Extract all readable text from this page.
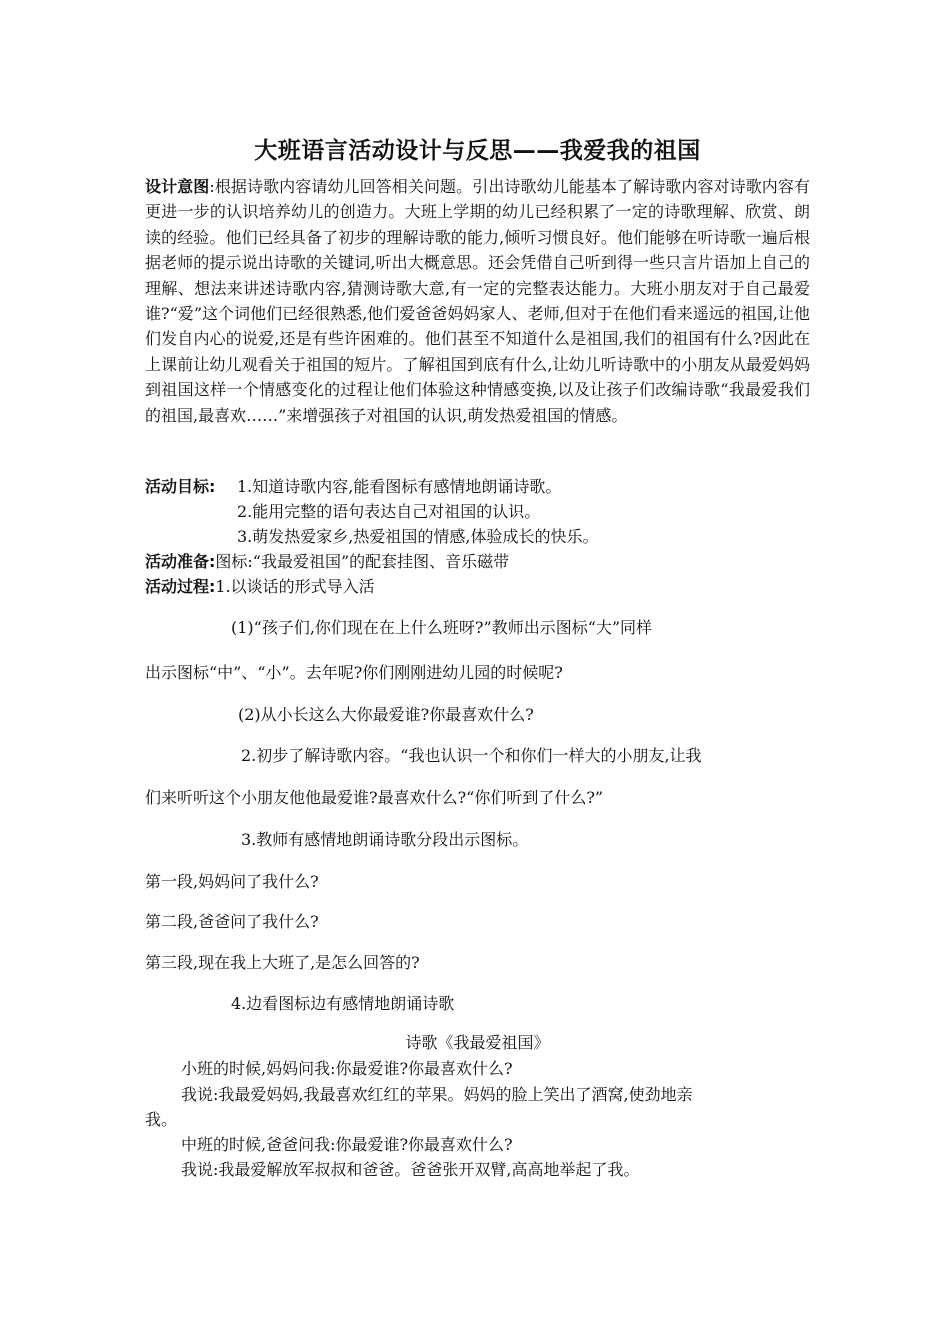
大班语言活动设计与反思——我爱我的祖国
设计意图:根据诗歌内容请幼儿回答相关问题。引出诗歌幼儿能基本了解诗歌内容对诗歌内容有更进一步的认识培养幼儿的创造力。大班上学期的幼儿已经积累了一定的诗歌理解、欣赏、朗读的经验。他们已经具备了初步的理解诗歌的能力,倾听习惯良好。他们能够在听诗歌一遍后根据老师的提示说出诗歌的关键词,听出大概意思。还会凭借自己听到得一些只言片语加上自己的理解、想法来讲述诗歌内容,猜测诗歌大意,有一定的完整表达能力。大班小朋友对于自己最爱谁?“爱”这个词他们已经很熟悉,他们爱爸爸妈妈家人、老师,但对于在他们看来遥远的祖国,让他们发自内心的说爱,还是有些许困难的。他们甚至不知道什么是祖国,我们的祖国有什么?因此在上课前让幼儿观看关于祖国的短片。了解祖国到底有什么,让幼儿听诗歌中的小朋友从最爱妈妈到祖国这样一个情感变化的过程让他们体验这种情感变换,以及让孩子们改编诗歌“我最爱我们的祖国,最喜欢……”来增强孩子对祖国的认识,萌发热爱祖国的情感。
活动目标: 1.知道诗歌内容,能看图标有感情地朗诵诗歌。
2.能用完整的语句表达自己对祖国的认识。
3.萌发热爱家乡,热爱祖国的情感,体验成长的快乐。
活动准备:图标:“我最爱祖国”的配套挂图、音乐磁带
活动过程:1.以谈话的形式导入活
(1)“孩子们,你们现在在上什么班呀?”教师出示图标“大”同样
出示图标“中”、“小”。去年呢?你们刚刚进幼儿园的时候呢?
(2)从小长这么大你最爱谁?你最喜欢什么?
2.初步了解诗歌内容。“我也认识一个和你们一样大的小朋友,让我
们来听听这个小朋友他他最爱谁?最喜欢什么?“你们听到了什么?”
3.教师有感情地朗诵诗歌分段出示图标。
第一段,妈妈问了我什么?
第二段,爸爸问了我什么?
第三段,现在我上大班了,是怎么回答的?
4.边看图标边有感情地朗诵诗歌
诗歌《我最爱祖国》
小班的时候,妈妈问我:你最爱谁?你最喜欢什么?
我说:我最爱妈妈,我最喜欢红红的苹果。妈妈的脸上笑出了酒窝,使劲地亲
我。
中班的时候,爸爸问我:你最爱谁?你最喜欢什么?
我说:我最爱解放军叔叔和爸爸。爸爸张开双臂,高高地举起了我。
